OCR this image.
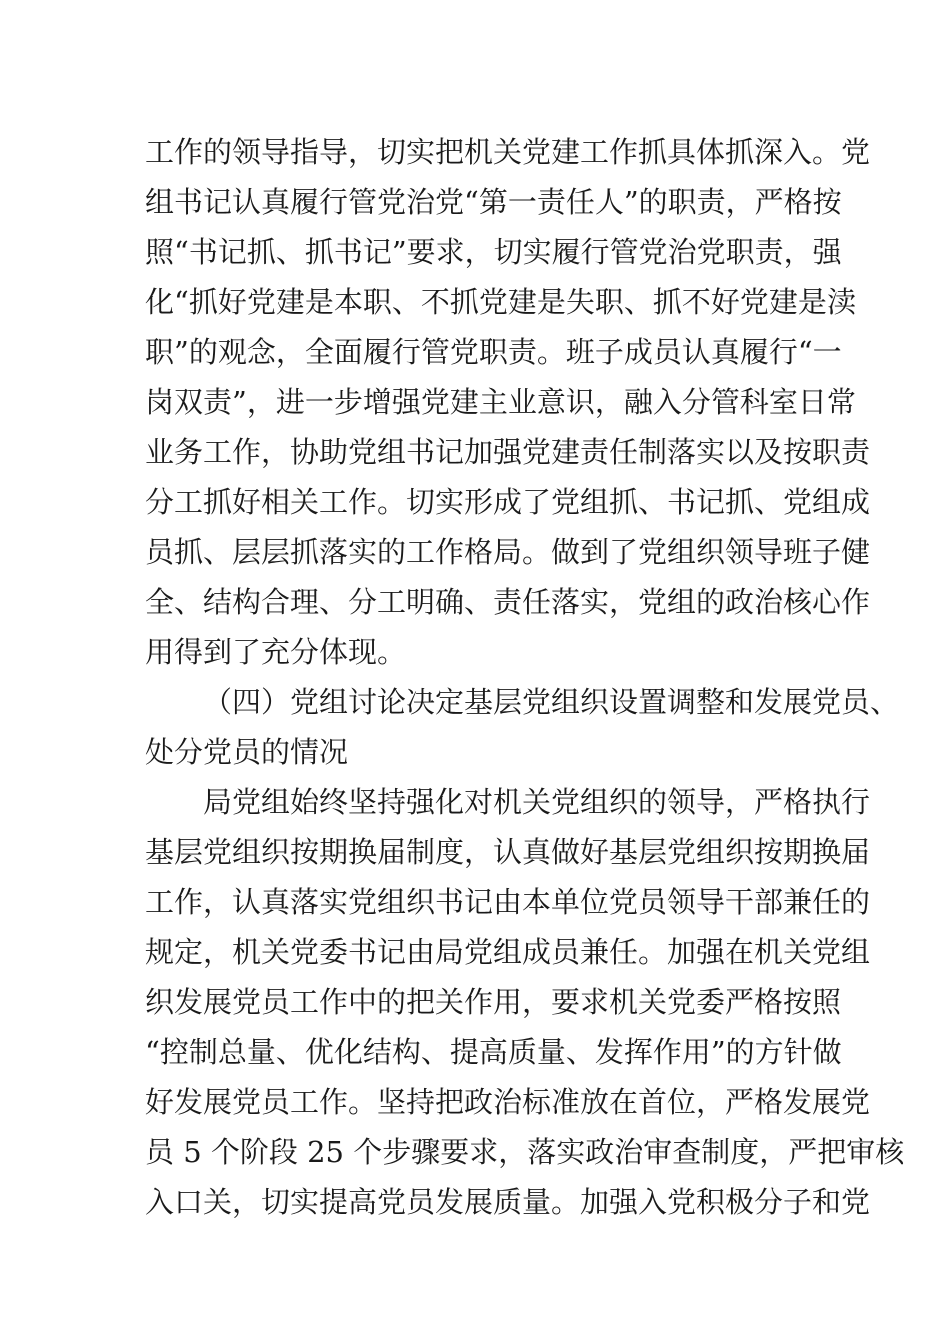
工作的领导指导，切实把机关党建工作抓具体抓深入。党
组书记认真履行管党治党“第一责任人”的职责，严格按
照“书记抓、抓书记”要求，切实履行管党治党职责，强
化“抓好党建是本职、不抓党建是失职、抓不好党建是渎
职”的观念，全面履行管党职责。班子成员认真履行“一
岗双责”，进一步增强党建主业意识，融入分管科室日常
业务工作，协助党组书记加强党建责任制落实以及按职责
分工抓好相关工作。切实形成了党组抓、书记抓、党组成
员抓、层层抓落实的工作格局。做到了党组织领导班子健
全、结构合理、分工明确、责任落实，党组的政治核心作
用得到了充分体现。
（四）党组讨论决定基层党组织设置调整和发展党员、
处分党员的情况
局党组始终坚持强化对机关党组织的领导，严格执行
基层党组织按期换届制度，认真做好基层党组织按期换届
工作，认真落实党组织书记由本单位党员领导干部兼任的
规定，机关党委书记由局党组成员兼任。加强在机关党组
织发展党员工作中的把关作用，要求机关党委严格按照
“控制总量、优化结构、提高质量、发挥作用”的方针做
好发展党员工作。坚持把政治标准放在首位，严格发展党
员 5 个阶段 25 个步骤要求，落实政治审查制度，严把审核
入口关，切实提高党员发展质量。加强入党积极分子和党
